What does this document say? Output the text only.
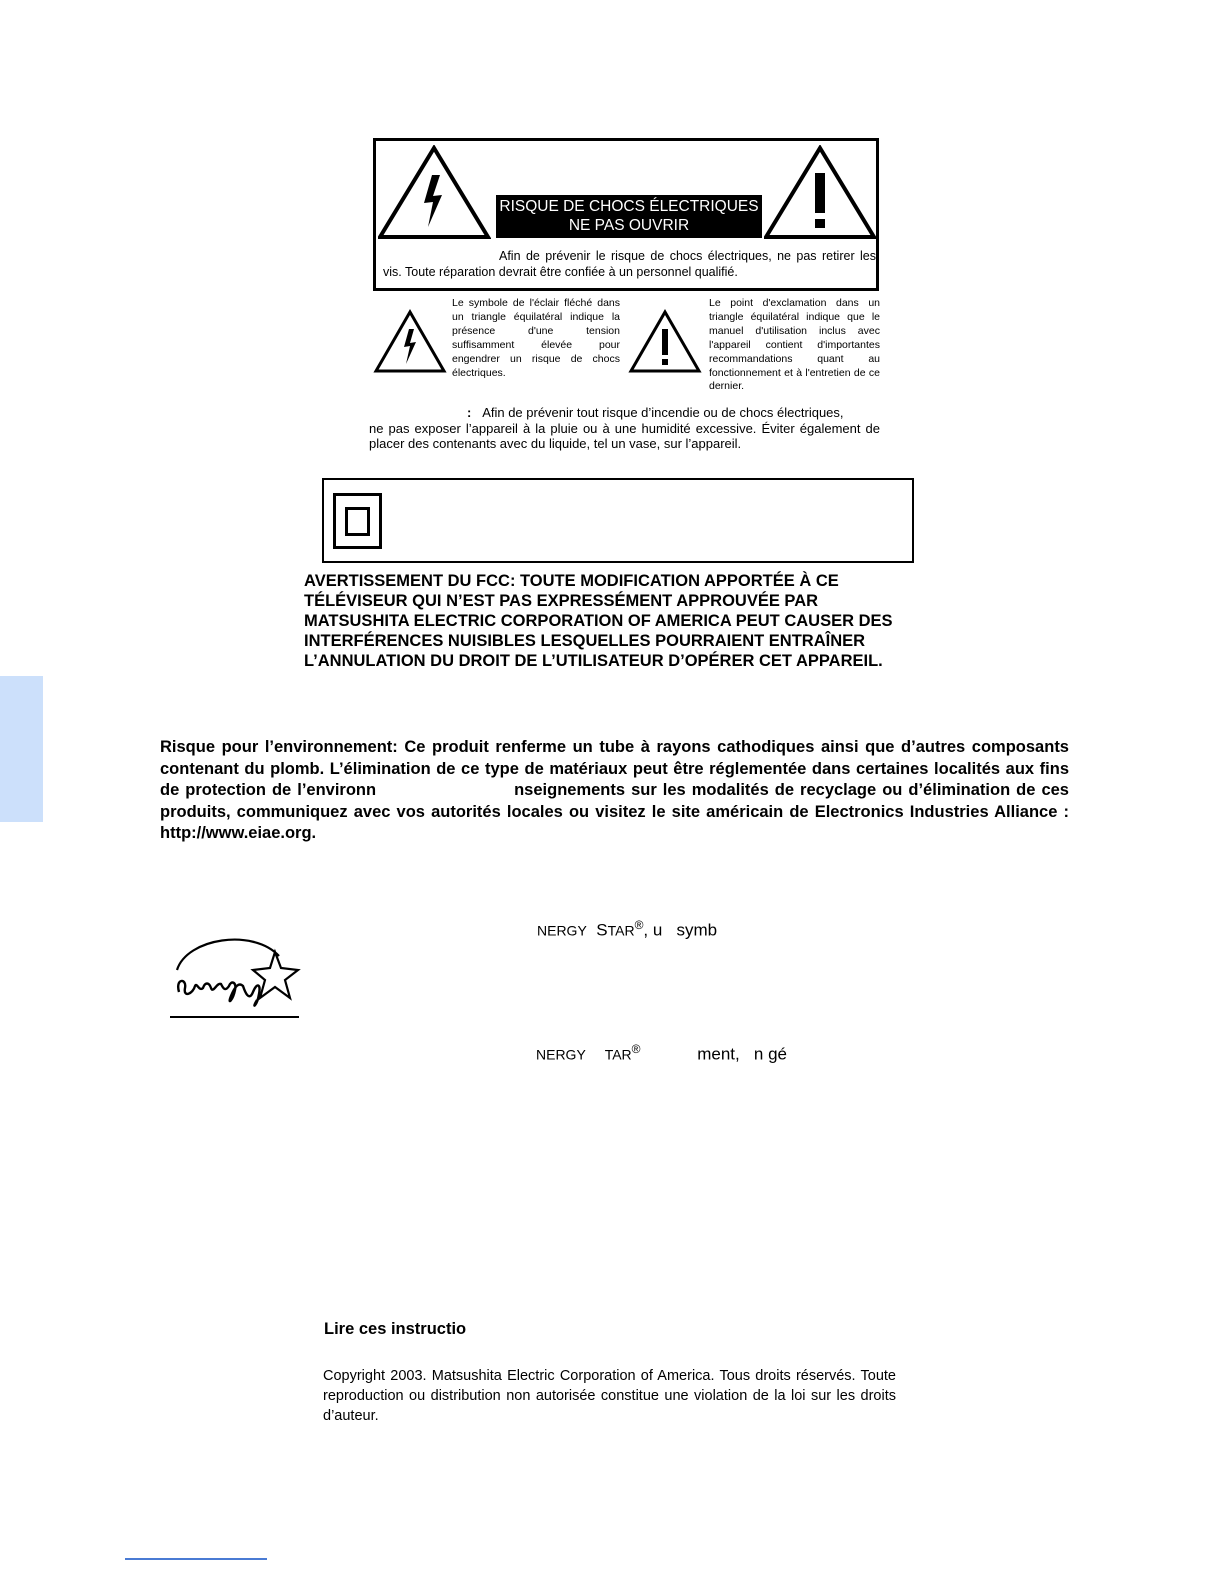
RISQUE DE CHOCS ÉLECTRIQUES
NE PAS OUVRIR
Afin de prévenir le risque de chocs électriques, ne pas retirer les vis. Toute réparation devrait être confiée à un personnel qualifié.
Le symbole de l'éclair fléché dans un triangle équilatéral indique la présence d'une tension suffisamment élevée pour engendrer un risque de chocs électriques.
Le point d'exclamation dans un triangle équilatéral indique que le manuel d'utilisation inclus avec l'appareil contient d'importantes recommandations quant au fonctionnement et à l'entretien de ce dernier.
: Afin de prévenir tout risque d’incendie ou de chocs électriques,
ne pas exposer l’appareil à la pluie ou à une humidité excessive. Éviter également de placer des contenants avec du liquide, tel un vase, sur l’appareil.
AVERTISSEMENT DU FCC: TOUTE MODIFICATION APPORTÉE À CE TÉLÉVISEUR QUI N’EST PAS EXPRESSÉMENT APPROUVÉE PAR MATSUSHITA ELECTRIC CORPORATION OF AMERICA PEUT CAUSER DES INTERFÉRENCES NUISIBLES LESQUELLES POURRAIENT ENTRAÎNER L’ANNULATION DU DROIT DE L’UTILISATEUR D’OPÉRER CET APPAREIL.
Risque pour l’environnement: Ce produit renferme un tube à rayons cathodiques ainsi que d’autres composants contenant du plomb. L’élimination de ce type de matériaux peut être réglementée dans certaines localités aux fins de protection de l’environn	nseignements sur les modalités de recyclage ou d’élimination de ces produits, communiquez avec vos autorités locales ou visitez le site américain de Electronics Industries Alliance : http://www.eiae.org.
NERGY STAR®, u symb
NERGY TAR®	ment, n gé
Lire ces instructio
Copyright 2003. Matsushita Electric Corporation of America. Tous droits réservés. Toute reproduction ou distribution non autorisée constitue une violation de la loi sur les droits d’auteur.
